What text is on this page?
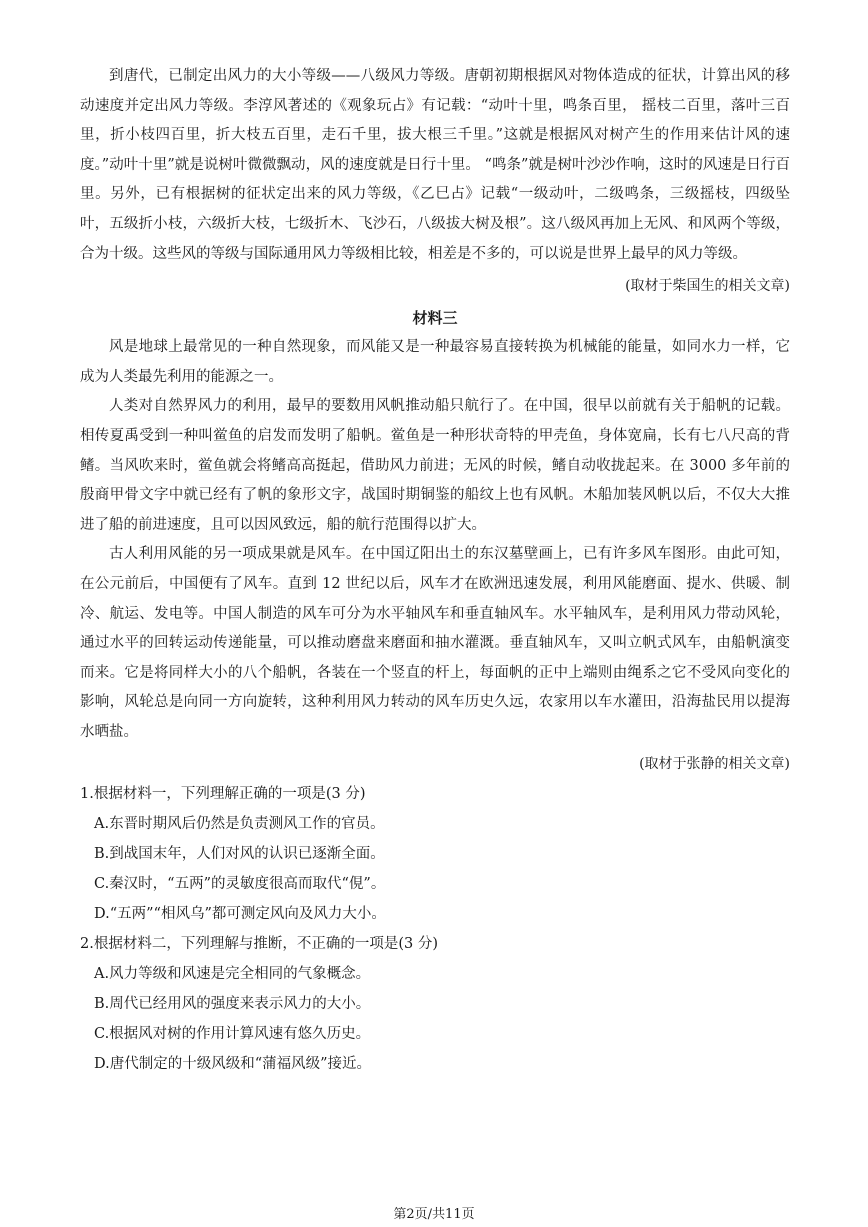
到唐代，已制定出风力的大小等级——八级风力等级。唐朝初期根据风对物体造成的征状，计算出风的移动速度并定出风力等级。李淳风著述的《观象玩占》有记载：“动叶十里，鸣条百里， 摇枝二百里，落叶三百里，折小枝四百里，折大枝五百里，走石千里，拔大根三千里。”这就是根据风对树产生的作用来估计风的速度。”动叶十里”就是说树叶微微飘动，风的速度就是日行十里。 “鸣条”就是树叶沙沙作响，这时的风速是日行百里。另外，已有根据树的征状定出来的风力等级，《乙巳占》记载“一级动叶，二级鸣条，三级摇枝，四级坠叶，五级折小枝，六级折大枝，七级折木、飞沙石，八级拔大树及根”。这八级风再加上无风、和风两个等级，合为十级。这些风的等级与国际通用风力等级相比较，相差是不多的，可以说是世界上最早的风力等级。

(取材于柴国生的相关文章)

材料三

风是地球上最常见的一种自然现象，而风能又是一种最容易直接转换为机械能的能量，如同水力一样，它成为人类最先利用的能源之一。

人类对自然界风力的利用，最早的要数用风帆推动船只航行了。在中国，很早以前就有关于船帆的记载。相传夏禹受到一种叫鲎鱼的启发而发明了船帆。鲎鱼是一种形状奇特的甲壳鱼，身体宽扁，长有七八尺高的背鳍。当风吹来时，鲎鱼就会将鳍高高挺起，借助风力前进；无风的时候，鳍自动收拢起来。在 3000 多年前的殷商甲骨文字中就已经有了帆的象形文字，战国时期铜鉴的船纹上也有风帆。木船加装风帆以后，不仅大大推进了船的前进速度，且可以因风致远，船的航行范围得以扩大。

古人利用风能的另一项成果就是风车。在中国辽阳出土的东汉墓壁画上，已有许多风车图形。由此可知，在公元前后，中国便有了风车。直到 12 世纪以后，风车才在欧洲迅速发展，利用风能磨面、提水、供暖、制冷、航运、发电等。中国人制造的风车可分为水平轴风车和垂直轴风车。水平轴风车，是利用风力带动风轮，通过水平的回转运动传递能量，可以推动磨盘来磨面和抽水灌溉。垂直轴风车，又叫立帆式风车，由船帆演变而来。它是将同样大小的八个船帆，各装在一个竖直的杆上，每面帆的正中上端则由绳系之它不受风向变化的影响，风轮总是向同一方向旋转，这种利用风力转动的风车历史久远，农家用以车水灌田，沿海盐民用以提海水晒盐。

(取材于张静的相关文章)

1.根据材料一，下列理解正确的一项是(3 分)

A.东晋时期风后仍然是负责测风工作的官员。

B.到战国末年，人们对风的认识已逐渐全面。

C.秦汉时，“五两”的灵敏度很高而取代“俔”。

D.“五两”“相风乌”都可测定风向及风力大小。

2.根据材料二，下列理解与推断，不正确的一项是(3 分)

A.风力等级和风速是完全相同的气象概念。

B.周代已经用风的强度来表示风力的大小。

C.根据风对树的作用计算风速有悠久历史。

D.唐代制定的十级风级和“蒲福风级”接近。

第2页/共11页
